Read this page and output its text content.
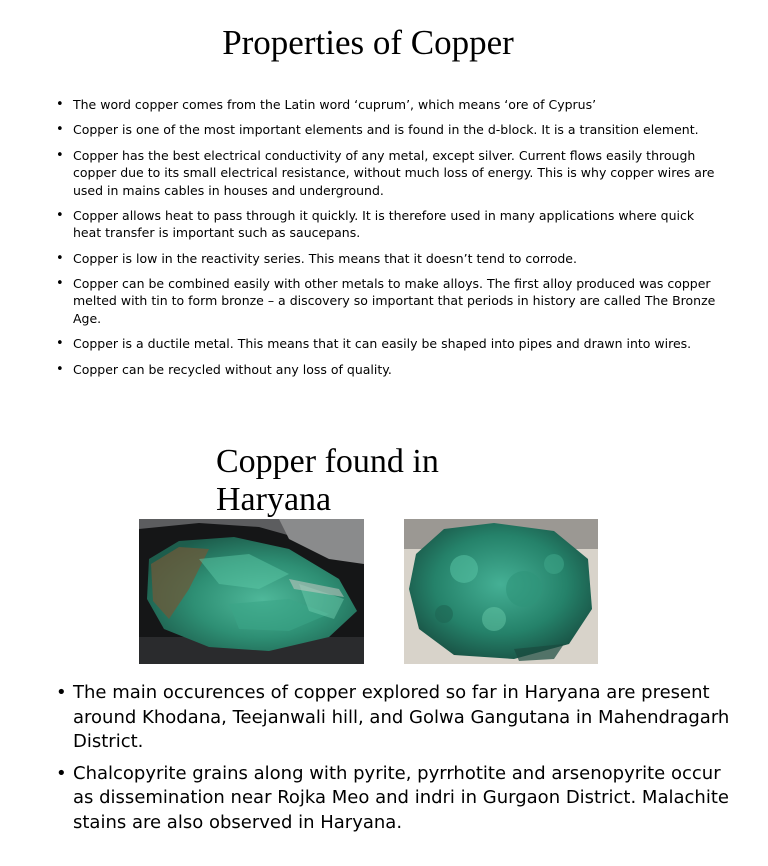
Properties of Copper
• The word copper comes from the Latin word ‘cuprum’, which means ‘ore of Cyprus’
• Copper is one of the most important elements and is found in the d-block. It is a transition element.
• Copper has the best electrical conductivity of any metal, except silver. Current flows easily through copper due to its small electrical resistance, without much loss of energy. This is why copper wires are used in mains cables in houses and underground.
• Copper allows heat to pass through it quickly. It is therefore used in many applications where quick heat transfer is important such as saucepans.
• Copper is low in the reactivity series. This means that it doesn’t tend to corrode.
• Copper can be combined easily with other metals to make alloys. The first alloy produced was copper melted with tin to form bronze – a discovery so important that periods in history are called The Bronze Age.
• Copper is a ductile metal. This means that it can easily be shaped into pipes and drawn into wires.
• Copper can be recycled without any loss of quality.
Copper found in
Haryana
• The main occurences of copper explored so far in Haryana are present around Khodana, Teejanwali hill, and Golwa Gangutana in Mahendragarh District.
• Chalcopyrite grains along with pyrite, pyrrhotite and arsenopyrite occur as dissemination near Rojka Meo and indri in Gurgaon District. Malachite stains are also observed in Haryana.
